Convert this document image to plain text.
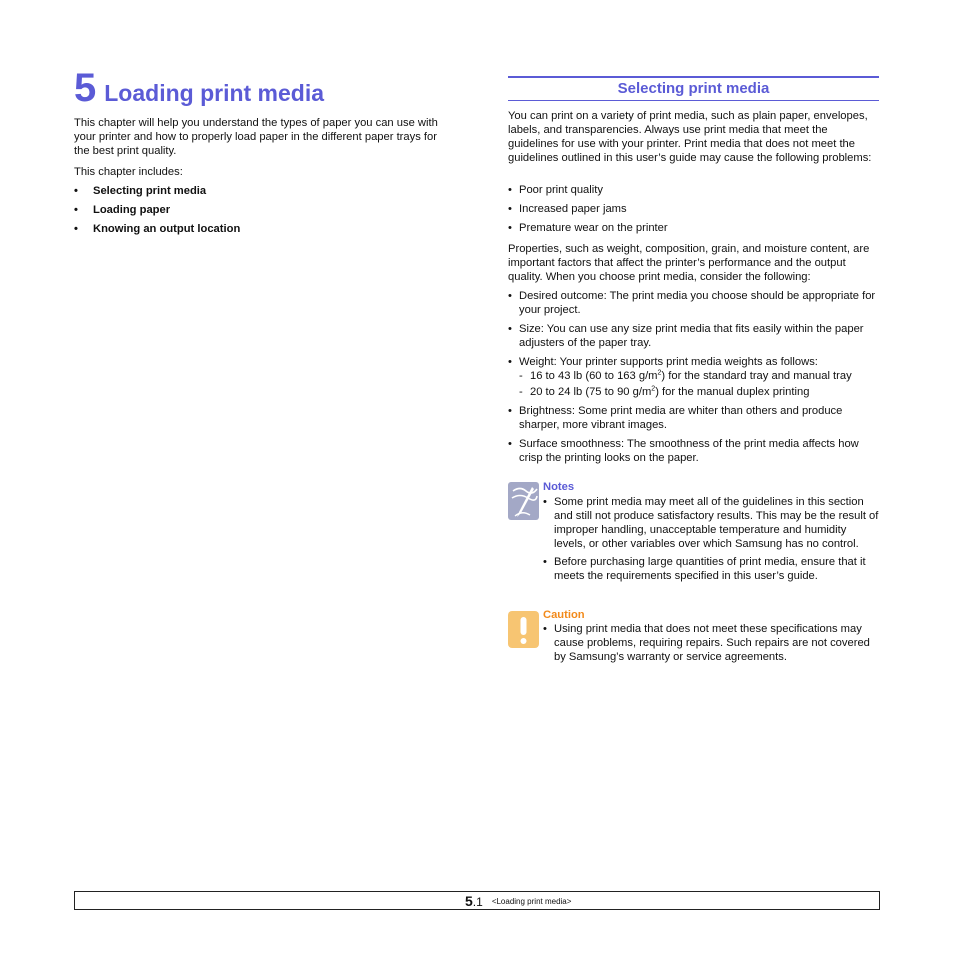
5 Loading print media
This chapter will help you understand the types of paper you can use with your printer and how to properly load paper in the different paper trays for the best print quality.
This chapter includes:
• Selecting print media
• Loading paper
• Knowing an output location
Selecting print media
You can print on a variety of print media, such as plain paper, envelopes, labels, and transparencies. Always use print media that meet the guidelines for use with your printer. Print media that does not meet the guidelines outlined in this user’s guide may cause the following problems:
• Poor print quality
• Increased paper jams
• Premature wear on the printer
Properties, such as weight, composition, grain, and moisture content, are important factors that affect the printer’s performance and the output quality. When you choose print media, consider the following:
• Desired outcome: The print media you choose should be appropriate for your project.
• Size: You can use any size print media that fits easily within the paper adjusters of the paper tray.
• Weight: Your printer supports print media weights as follows:
- 16 to 43 lb (60 to 163 $g/m^2$) for the standard tray and manual tray
- 20 to 24 lb (75 to 90 $g/m^2$) for the manual duplex printing
• Brightness: Some print media are whiter than others and produce sharper, more vibrant images.
• Surface smoothness: The smoothness of the print media affects how crisp the printing looks on the paper.
Notes
• Some print media may meet all of the guidelines in this section and still not produce satisfactory results. This may be the result of improper handling, unacceptable temperature and humidity levels, or other variables over which Samsung has no control.
• Before purchasing large quantities of print media, ensure that it meets the requirements specified in this user’s guide.
Caution
• Using print media that does not meet these specifications may cause problems, requiring repairs. Such repairs are not covered by Samsung’s warranty or service agreements.
5.1 <Loading print media>
